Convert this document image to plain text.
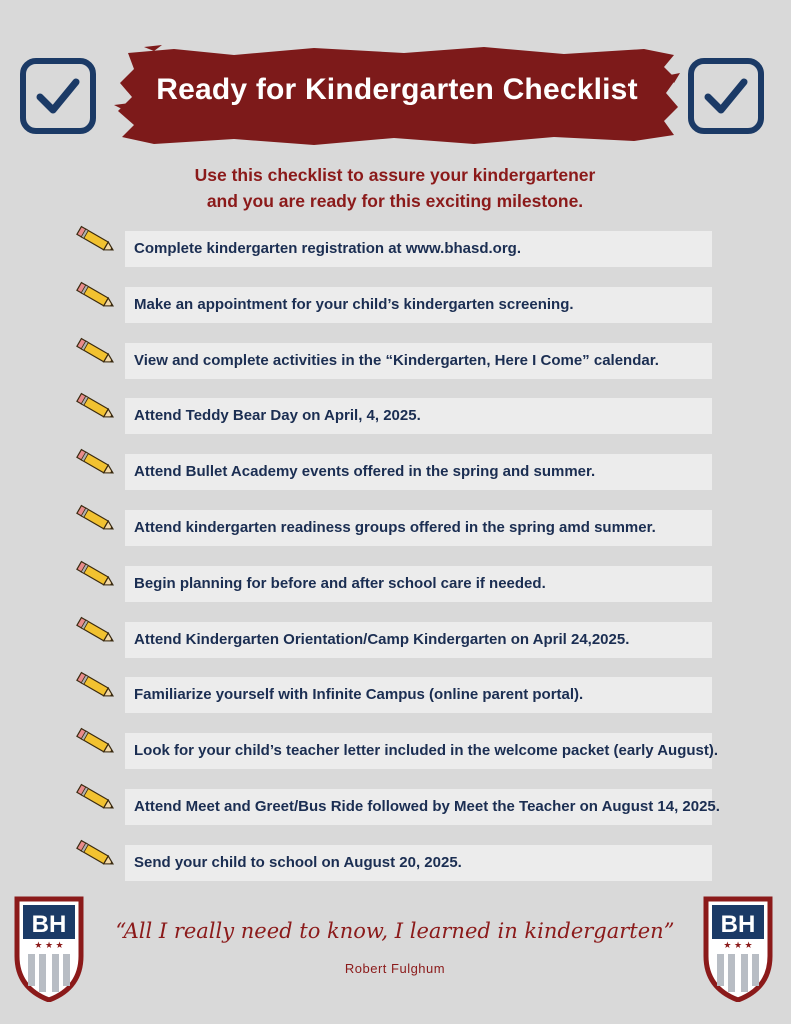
Ready for Kindergarten Checklist
Use this checklist to assure your kindergartener
and you are ready for this exciting milestone.
Complete kindergarten registration at www.bhasd.org.
Make an appointment for your child’s kindergarten screening.
View and complete activities in the “Kindergarten, Here I Come” calendar.
Attend Teddy Bear Day on April, 4, 2025.
Attend Bullet Academy events offered in the spring and summer.
Attend kindergarten readiness groups offered in the spring amd summer.
Begin planning for before and after school care if needed.
Attend Kindergarten Orientation/Camp Kindergarten on April 24,2025.
Familiarize yourself with Infinite Campus (online parent portal).
Look for your child’s teacher letter included in the welcome packet (early August).
Attend Meet and Greet/Bus Ride followed by Meet the Teacher on August 14, 2025.
Send your child to school on August 20, 2025.
BH
★ ★ ★
BH
★ ★ ★
“All I really need to know, I learned in kindergarten”
Robert Fulghum
